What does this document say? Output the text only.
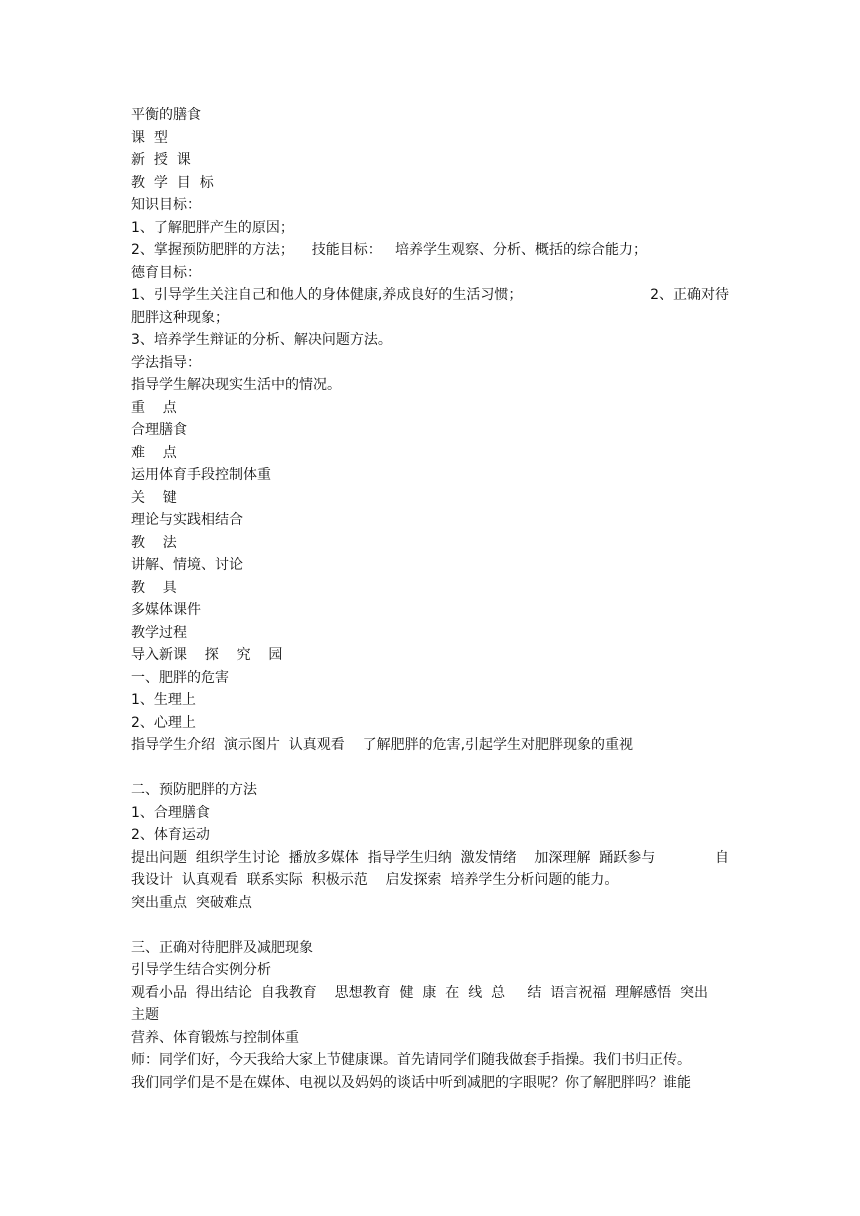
平衡的膳食
课  型
新  授  课
教  学  目  标
知识目标：
1、了解肥胖产生的原因；
2、掌握预防肥胖的方法；    技能目标：   培养学生观察、分析、概括的综合能力；
德育目标：
1、引导学生关注自己和他人的身体健康,养成良好的生活习惯；	2、正确对待
肥胖这种现象；
3、培养学生辩证的分析、解决问题方法。
学法指导：
指导学生解决现实生活中的情况。
重    点
合理膳食
难    点
运用体育手段控制体重
关    键
理论与实践相结合
教    法
讲解、情境、讨论
教    具
多媒体课件
教学过程
导入新课    探    究    园
一、肥胖的危害
1、生理上
2、心理上
指导学生介绍  演示图片  认真观看    了解肥胖的危害,引起学生对肥胖现象的重视
二、预防肥胖的方法
1、合理膳食
2、体育运动
提出问题  组织学生讨论  播放多媒体  指导学生归纳  激发情绪    加深理解  踊跃参与	自
我设计  认真观看  联系实际  积极示范    启发探索  培养学生分析问题的能力。
突出重点  突破难点
三、正确对待肥胖及减肥现象
引导学生结合实例分析
观看小品  得出结论  自我教育    思想教育  健  康  在  线  总     结  语言祝福  理解感悟  突出
主题
营养、体育锻炼与控制体重
师：同学们好，今天我给大家上节健康课。首先请同学们随我做套手指操。我们书归正传。
我们同学们是不是在媒体、电视以及妈妈的谈话中听到减肥的字眼呢？你了解肥胖吗？谁能
